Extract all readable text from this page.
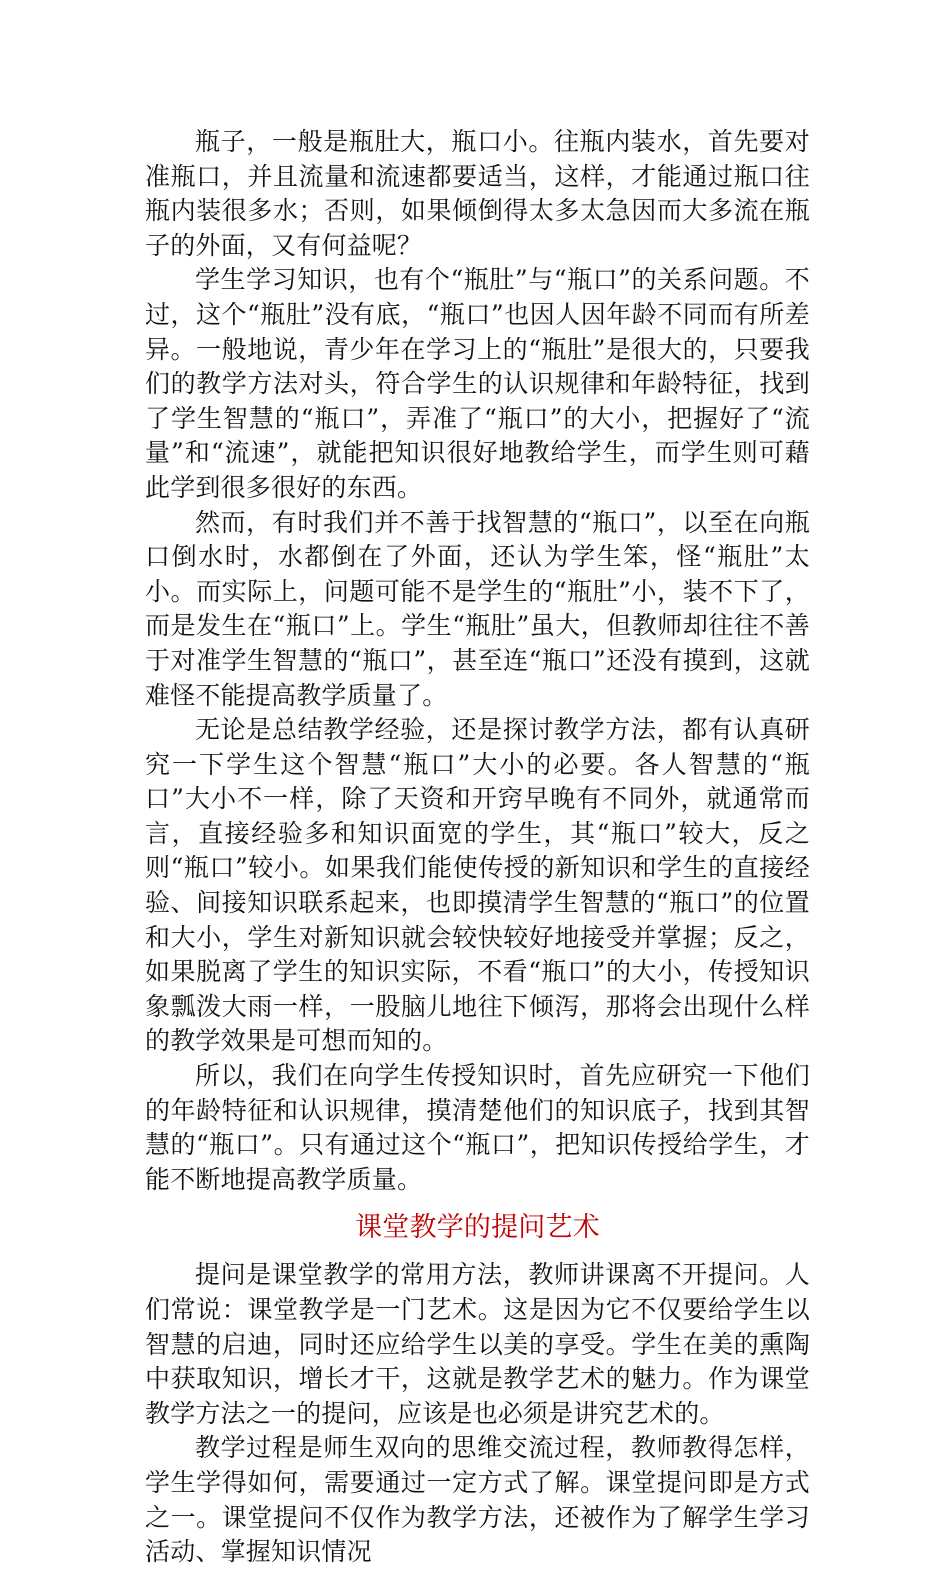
瓶子，一般是瓶肚大，瓶口小。往瓶内装水，首先要对准瓶口，并且流量和流速都要适当，这样，才能通过瓶口往瓶内装很多水；否则，如果倾倒得太多太急因而大多流在瓶子的外面，又有何益呢？

学生学习知识，也有个“瓶肚”与“瓶口”的关系问题。不过，这个“瓶肚”没有底，“瓶口”也因人因年龄不同而有所差异。一般地说，青少年在学习上的“瓶肚”是很大的，只要我们的教学方法对头，符合学生的认识规律和年龄特征，找到了学生智慧的“瓶口”，弄准了“瓶口”的大小，把握好了“流量”和“流速”，就能把知识很好地教给学生，而学生则可藉此学到很多很好的东西。

然而，有时我们并不善于找智慧的“瓶口”，以至在向瓶口倒水时，水都倒在了外面，还认为学生笨，怪“瓶肚”太小。而实际上，问题可能不是学生的“瓶肚”小，装不下了，而是发生在“瓶口”上。学生“瓶肚”虽大，但教师却往往不善于对准学生智慧的“瓶口”，甚至连“瓶口”还没有摸到，这就难怪不能提高教学质量了。

无论是总结教学经验，还是探讨教学方法，都有认真研究一下学生这个智慧“瓶口”大小的必要。各人智慧的“瓶口”大小不一样，除了天资和开窍早晚有不同外，就通常而言，直接经验多和知识面宽的学生，其“瓶口”较大，反之则“瓶口”较小。如果我们能使传授的新知识和学生的直接经验、间接知识联系起来，也即摸清学生智慧的“瓶口”的位置和大小，学生对新知识就会较快较好地接受并掌握；反之，如果脱离了学生的知识实际，不看“瓶口”的大小，传授知识象瓢泼大雨一样，一股脑儿地往下倾泻，那将会出现什么样的教学效果是可想而知的。

所以，我们在向学生传授知识时，首先应研究一下他们的年龄特征和认识规律，摸清楚他们的知识底子，找到其智慧的“瓶口”。只有通过这个“瓶口”，把知识传授给学生，才能不断地提高教学质量。

课堂教学的提问艺术

提问是课堂教学的常用方法，教师讲课离不开提问。人们常说：课堂教学是一门艺术。这是因为它不仅要给学生以智慧的启迪，同时还应给学生以美的享受。学生在美的熏陶中获取知识，增长才干，这就是教学艺术的魅力。作为课堂教学方法之一的提问，应该是也必须是讲究艺术的。

教学过程是师生双向的思维交流过程，教师教得怎样，学生学得如何，需要通过一定方式了解。课堂提问即是方式之一。课堂提问不仅作为教学方法，还被作为了解学生学习活动、掌握知识情况
